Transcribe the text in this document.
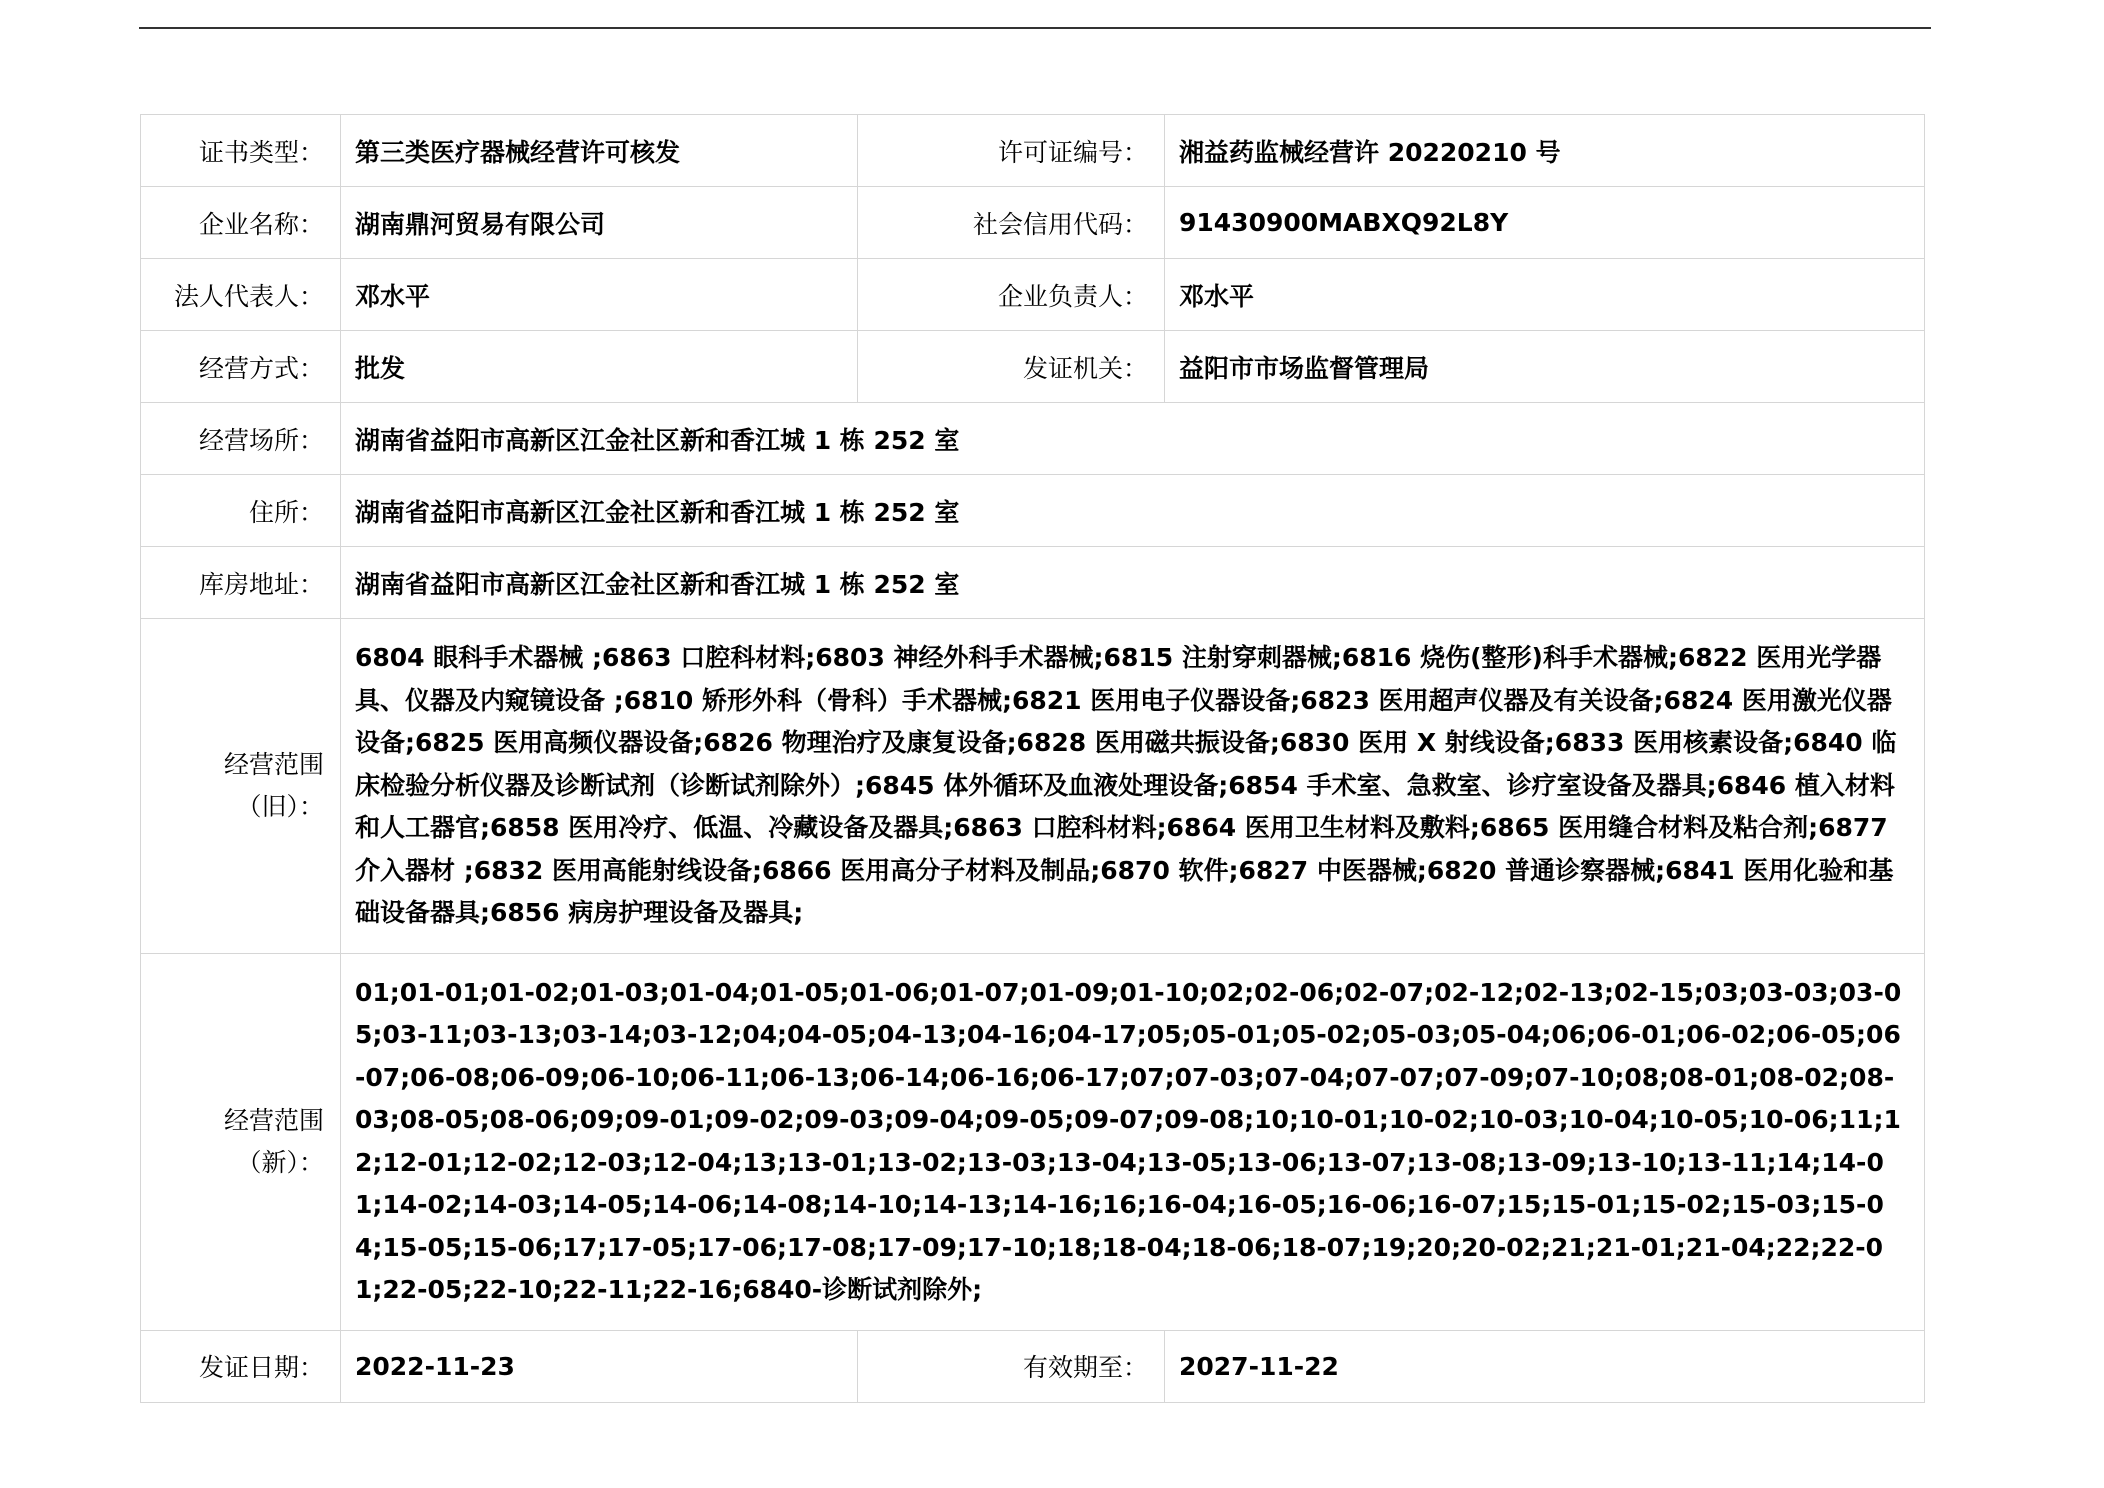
证书类型：	第三类医疗器械经营许可核发	许可证编号：	湘益药监械经营许 20220210 号
企业名称：	湖南鼎河贸易有限公司	社会信用代码：	91430900MABXQ92L8Y
法人代表人：	邓水平	企业负责人：	邓水平
经营方式：	批发	发证机关：	益阳市市场监督管理局
经营场所：	湖南省益阳市高新区江金社区新和香江城 1 栋 252 室		
住所：	湖南省益阳市高新区江金社区新和香江城 1 栋 252 室		
库房地址：	湖南省益阳市高新区江金社区新和香江城 1 栋 252 室		

经营范围
（旧）：	6804 眼科手术器械 ;6863 口腔科材料;6803 神经外科手术器械;6815 注射穿刺器械;6816 烧伤(整形)科手术器械;6822 医用光学器具、仪器及内窥镜设备 ;6810 矫形外科（骨科）手术器械;6821 医用电子仪器设备;6823 医用超声仪器及有关设备;6824 医用激光仪器设备;6825 医用高频仪器设备;6826 物理治疗及康复设备;6828 医用磁共振设备;6830 医用 X 射线设备;6833 医用核素设备;6840 临床检验分析仪器及诊断试剂（诊断试剂除外）;6845 体外循环及血液处理设备;6854 手术室、急救室、诊疗室设备及器具;6846 植入材料和人工器官;6858 医用冷疗、低温、冷藏设备及器具;6863 口腔科材料;6864 医用卫生材料及敷料;6865 医用缝合材料及粘合剂;6877 介入器材 ;6832 医用高能射线设备;6866 医用高分子材料及制品;6870 软件;6827 中医器械;6820 普通诊察器械;6841 医用化验和基础设备器具;6856 病房护理设备及器具;		

经营范围
（新）：	01;01-01;01-02;01-03;01-04;01-05;01-06;01-07;01-09;01-10;02;02-06;02-07;02-12;02-13;02-15;03;03-03;03-05;03-11;03-13;03-14;03-12;04;04-05;04-13;04-16;04-17;05;05-01;05-02;05-03;05-04;06;06-01;06-02;06-05;06-07;06-08;06-09;06-10;06-11;06-13;06-14;06-16;06-17;07;07-03;07-04;07-07;07-09;07-10;08;08-01;08-02;08-03;08-05;08-06;09;09-01;09-02;09-03;09-04;09-05;09-07;09-08;10;10-01;10-02;10-03;10-04;10-05;10-06;11;12;12-01;12-02;12-03;12-04;13;13-01;13-02;13-03;13-04;13-05;13-06;13-07;13-08;13-09;13-10;13-11;14;14-01;14-02;14-03;14-05;14-06;14-08;14-10;14-13;14-16;16;16-04;16-05;16-06;16-07;15;15-01;15-02;15-03;15-04;15-05;15-06;17;17-05;17-06;17-08;17-09;17-10;18;18-04;18-06;18-07;19;20;20-02;21;21-01;21-04;22;22-01;22-05;22-10;22-11;22-16;6840-诊断试剂除外;		
发证日期：	2022-11-23	有效期至：	2027-11-22
